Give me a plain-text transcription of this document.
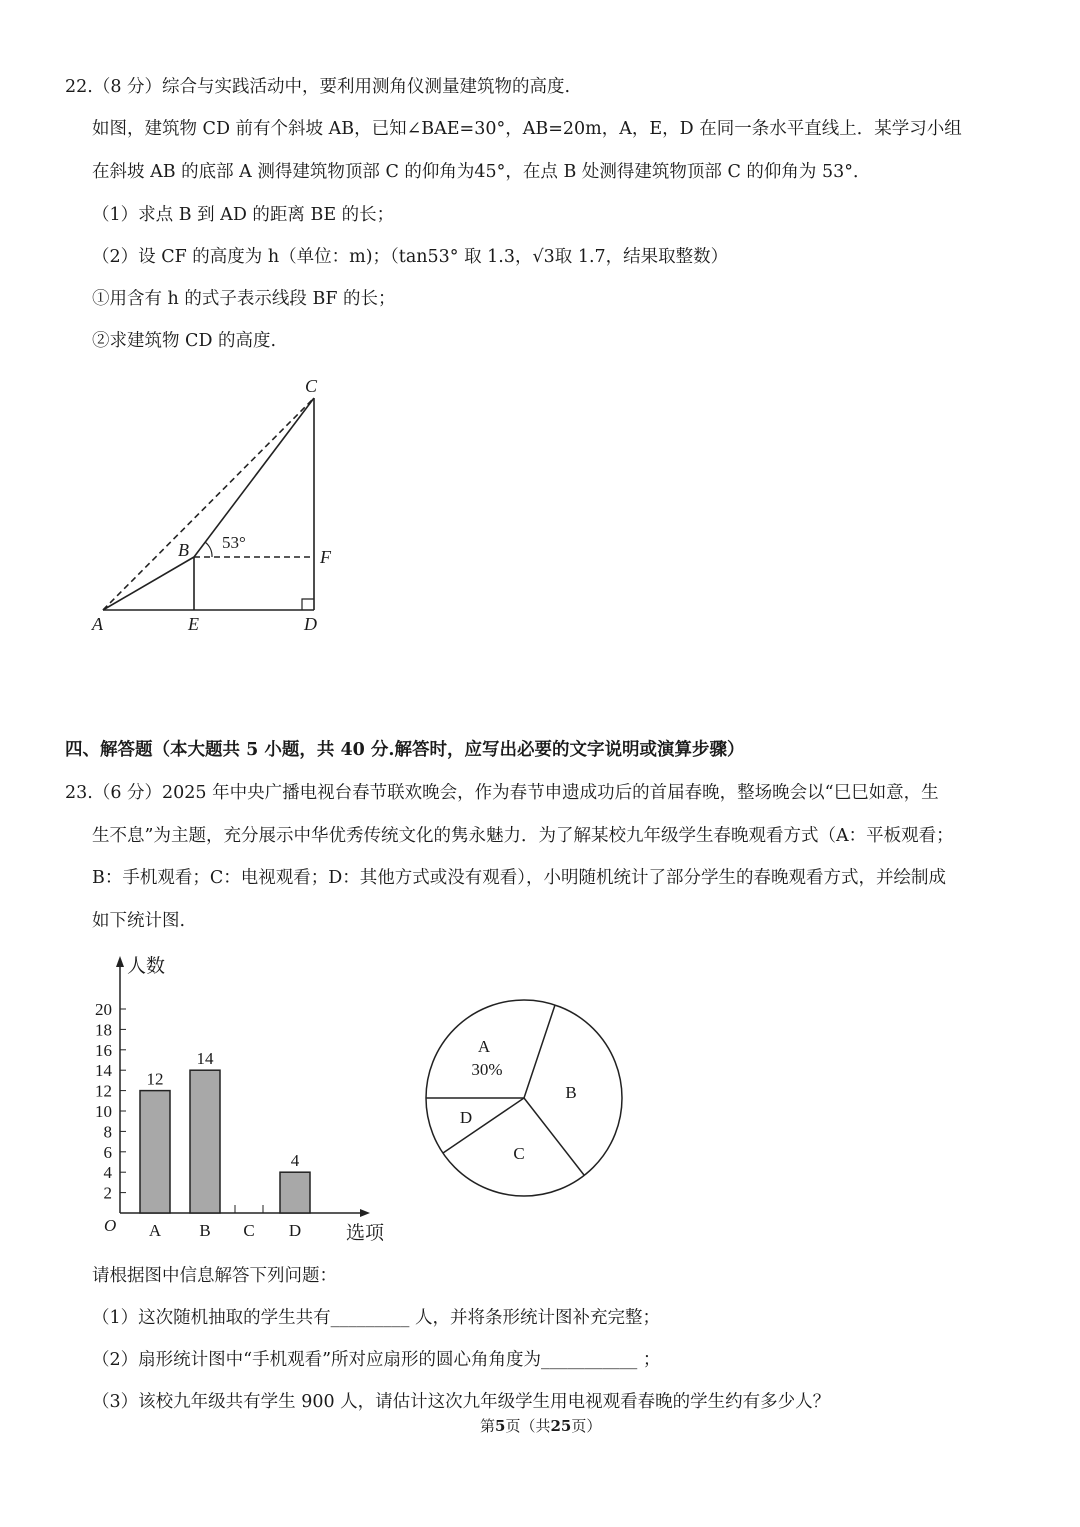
22.（8 分）综合与实践活动中，要利用测角仪测量建筑物的高度.
如图，建筑物 CD 前有个斜坡 AB，已知∠BAE=30°，AB=20m，A，E，D 在同一条水平直线上．某学习小组
在斜坡 AB 的底部 A 测得建筑物顶部 C 的仰角为45°，在点 B 处测得建筑物顶部 C 的仰角为 53°．
（1）求点 B 到 AD 的距离 BE 的长；
（2）设 CF 的高度为 h（单位：m)；（tan53° 取 1.3，√3取 1.7，结果取整数）
①用含有 h 的式子表示线段 BF 的长；
②求建筑物 CD 的高度.
C
B	F
A	E	D
53°
人数
选项
O
2
4
6
8
10
12
14
16
18
20
A
12
B
14
C D
4
A
30%
B
C
D
四、解答题（本大题共 5 小题，共 40 分.解答时，应写出必要的文字说明或演算步骤）
23.（6 分）2025 年中央广播电视台春节联欢晚会，作为春节申遗成功后的首届春晚，整场晚会以“巳巳如意，生
生不息”为主题，充分展示中华优秀传统文化的隽永魅力．为了解某校九年级学生春晚观看方式（A：平板观看；
B：手机观看；C：电视观看；D：其他方式或没有观看），小明随机统计了部分学生的春晚观看方式，并绘制成
如下统计图.
请根据图中信息解答下列问题：
（1）这次随机抽取的学生共有_________ 人，并将条形统计图补充完整；
（2）扇形统计图中“手机观看”所对应扇形的圆心角角度为___________ ；
（3）该校九年级共有学生 900 人，请估计这次九年级学生用电视观看春晚的学生约有多少人？
第5页（共25页）
